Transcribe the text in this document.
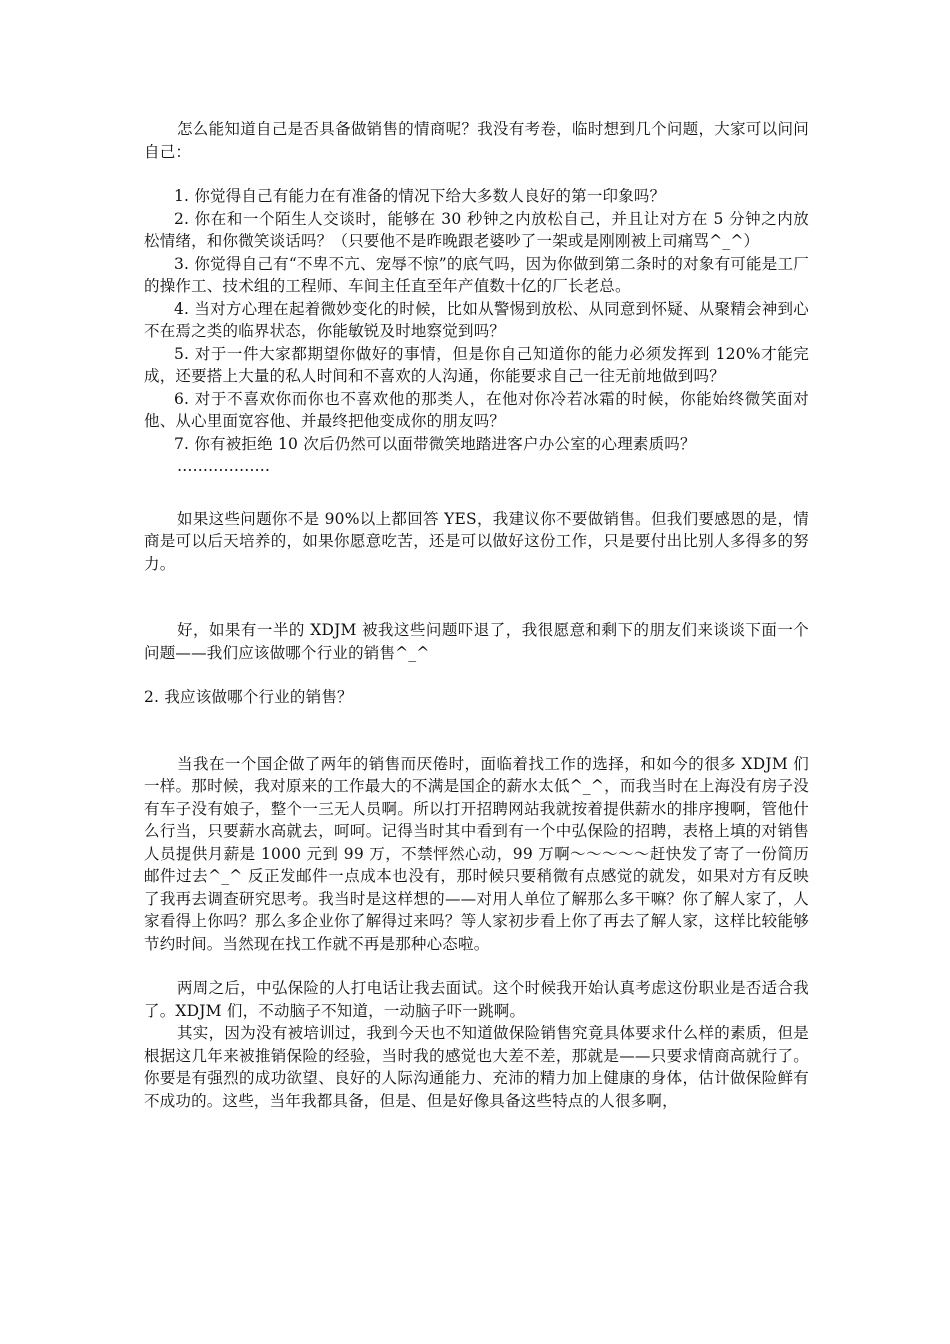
怎么能知道自己是否具备做销售的情商呢？我没有考卷，临时想到几个问题，大家可以问问自己：

1. 你觉得自己有能力在有准备的情况下给大多数人良好的第一印象吗？

2. 你在和一个陌生人交谈时，能够在 30 秒钟之内放松自己，并且让对方在 5 分钟之内放松情绪，和你微笑谈话吗？（只要他不是昨晚跟老婆吵了一架或是刚刚被上司痛骂^_^）

3. 你觉得自己有“不卑不亢、宠辱不惊”的底气吗，因为你做到第二条时的对象有可能是工厂的操作工、技术组的工程师、车间主任直至年产值数十亿的厂长老总。

4. 当对方心理在起着微妙变化的时候，比如从警惕到放松、从同意到怀疑、从聚精会神到心不在焉之类的临界状态，你能敏锐及时地察觉到吗？

5. 对于一件大家都期望你做好的事情，但是你自己知道你的能力必须发挥到 120%才能完成，还要搭上大量的私人时间和不喜欢的人沟通，你能要求自己一往无前地做到吗？

6. 对于不喜欢你而你也不喜欢他的那类人，在他对你冷若冰霜的时候，你能始终微笑面对他、从心里面宽容他、并最终把他变成你的朋友吗？

7. 你有被拒绝 10 次后仍然可以面带微笑地踏进客户办公室的心理素质吗？

………………

如果这些问题你不是 90%以上都回答 YES，我建议你不要做销售。但我们要感恩的是，情商是可以后天培养的，如果你愿意吃苦，还是可以做好这份工作，只是要付出比别人多得多的努力。

好，如果有一半的 XDJM 被我这些问题吓退了，我很愿意和剩下的朋友们来谈谈下面一个问题——我们应该做哪个行业的销售^_^

2. 我应该做哪个行业的销售？

当我在一个国企做了两年的销售而厌倦时，面临着找工作的选择，和如今的很多 XDJM 们一样。那时候，我对原来的工作最大的不满是国企的薪水太低^_^，而我当时在上海没有房子没有车子没有娘子，整个一三无人员啊。所以打开招聘网站我就按着提供薪水的排序搜啊，管他什么行当，只要薪水高就去，呵呵。记得当时其中看到有一个中弘保险的招聘，表格上填的对销售人员提供月薪是 1000 元到 99 万，不禁怦然心动，99 万啊～～～～～赶快发了寄了一份简历邮件过去^_^ 反正发邮件一点成本也没有，那时候只要稍微有点感觉的就发，如果对方有反映了我再去调查研究思考。我当时是这样想的——对用人单位了解那么多干嘛？你了解人家了，人家看得上你吗？那么多企业你了解得过来吗？等人家初步看上你了再去了解人家，这样比较能够节约时间。当然现在找工作就不再是那种心态啦。

两周之后，中弘保险的人打电话让我去面试。这个时候我开始认真考虑这份职业是否适合我了。XDJM 们，不动脑子不知道，一动脑子吓一跳啊。

其实，因为没有被培训过，我到今天也不知道做保险销售究竟具体要求什么样的素质，但是根据这几年来被推销保险的经验，当时我的感觉也大差不差，那就是——只要求情商高就行了。你要是有强烈的成功欲望、良好的人际沟通能力、充沛的精力加上健康的身体，估计做保险鲜有不成功的。这些，当年我都具备，但是、但是好像具备这些特点的人很多啊，
